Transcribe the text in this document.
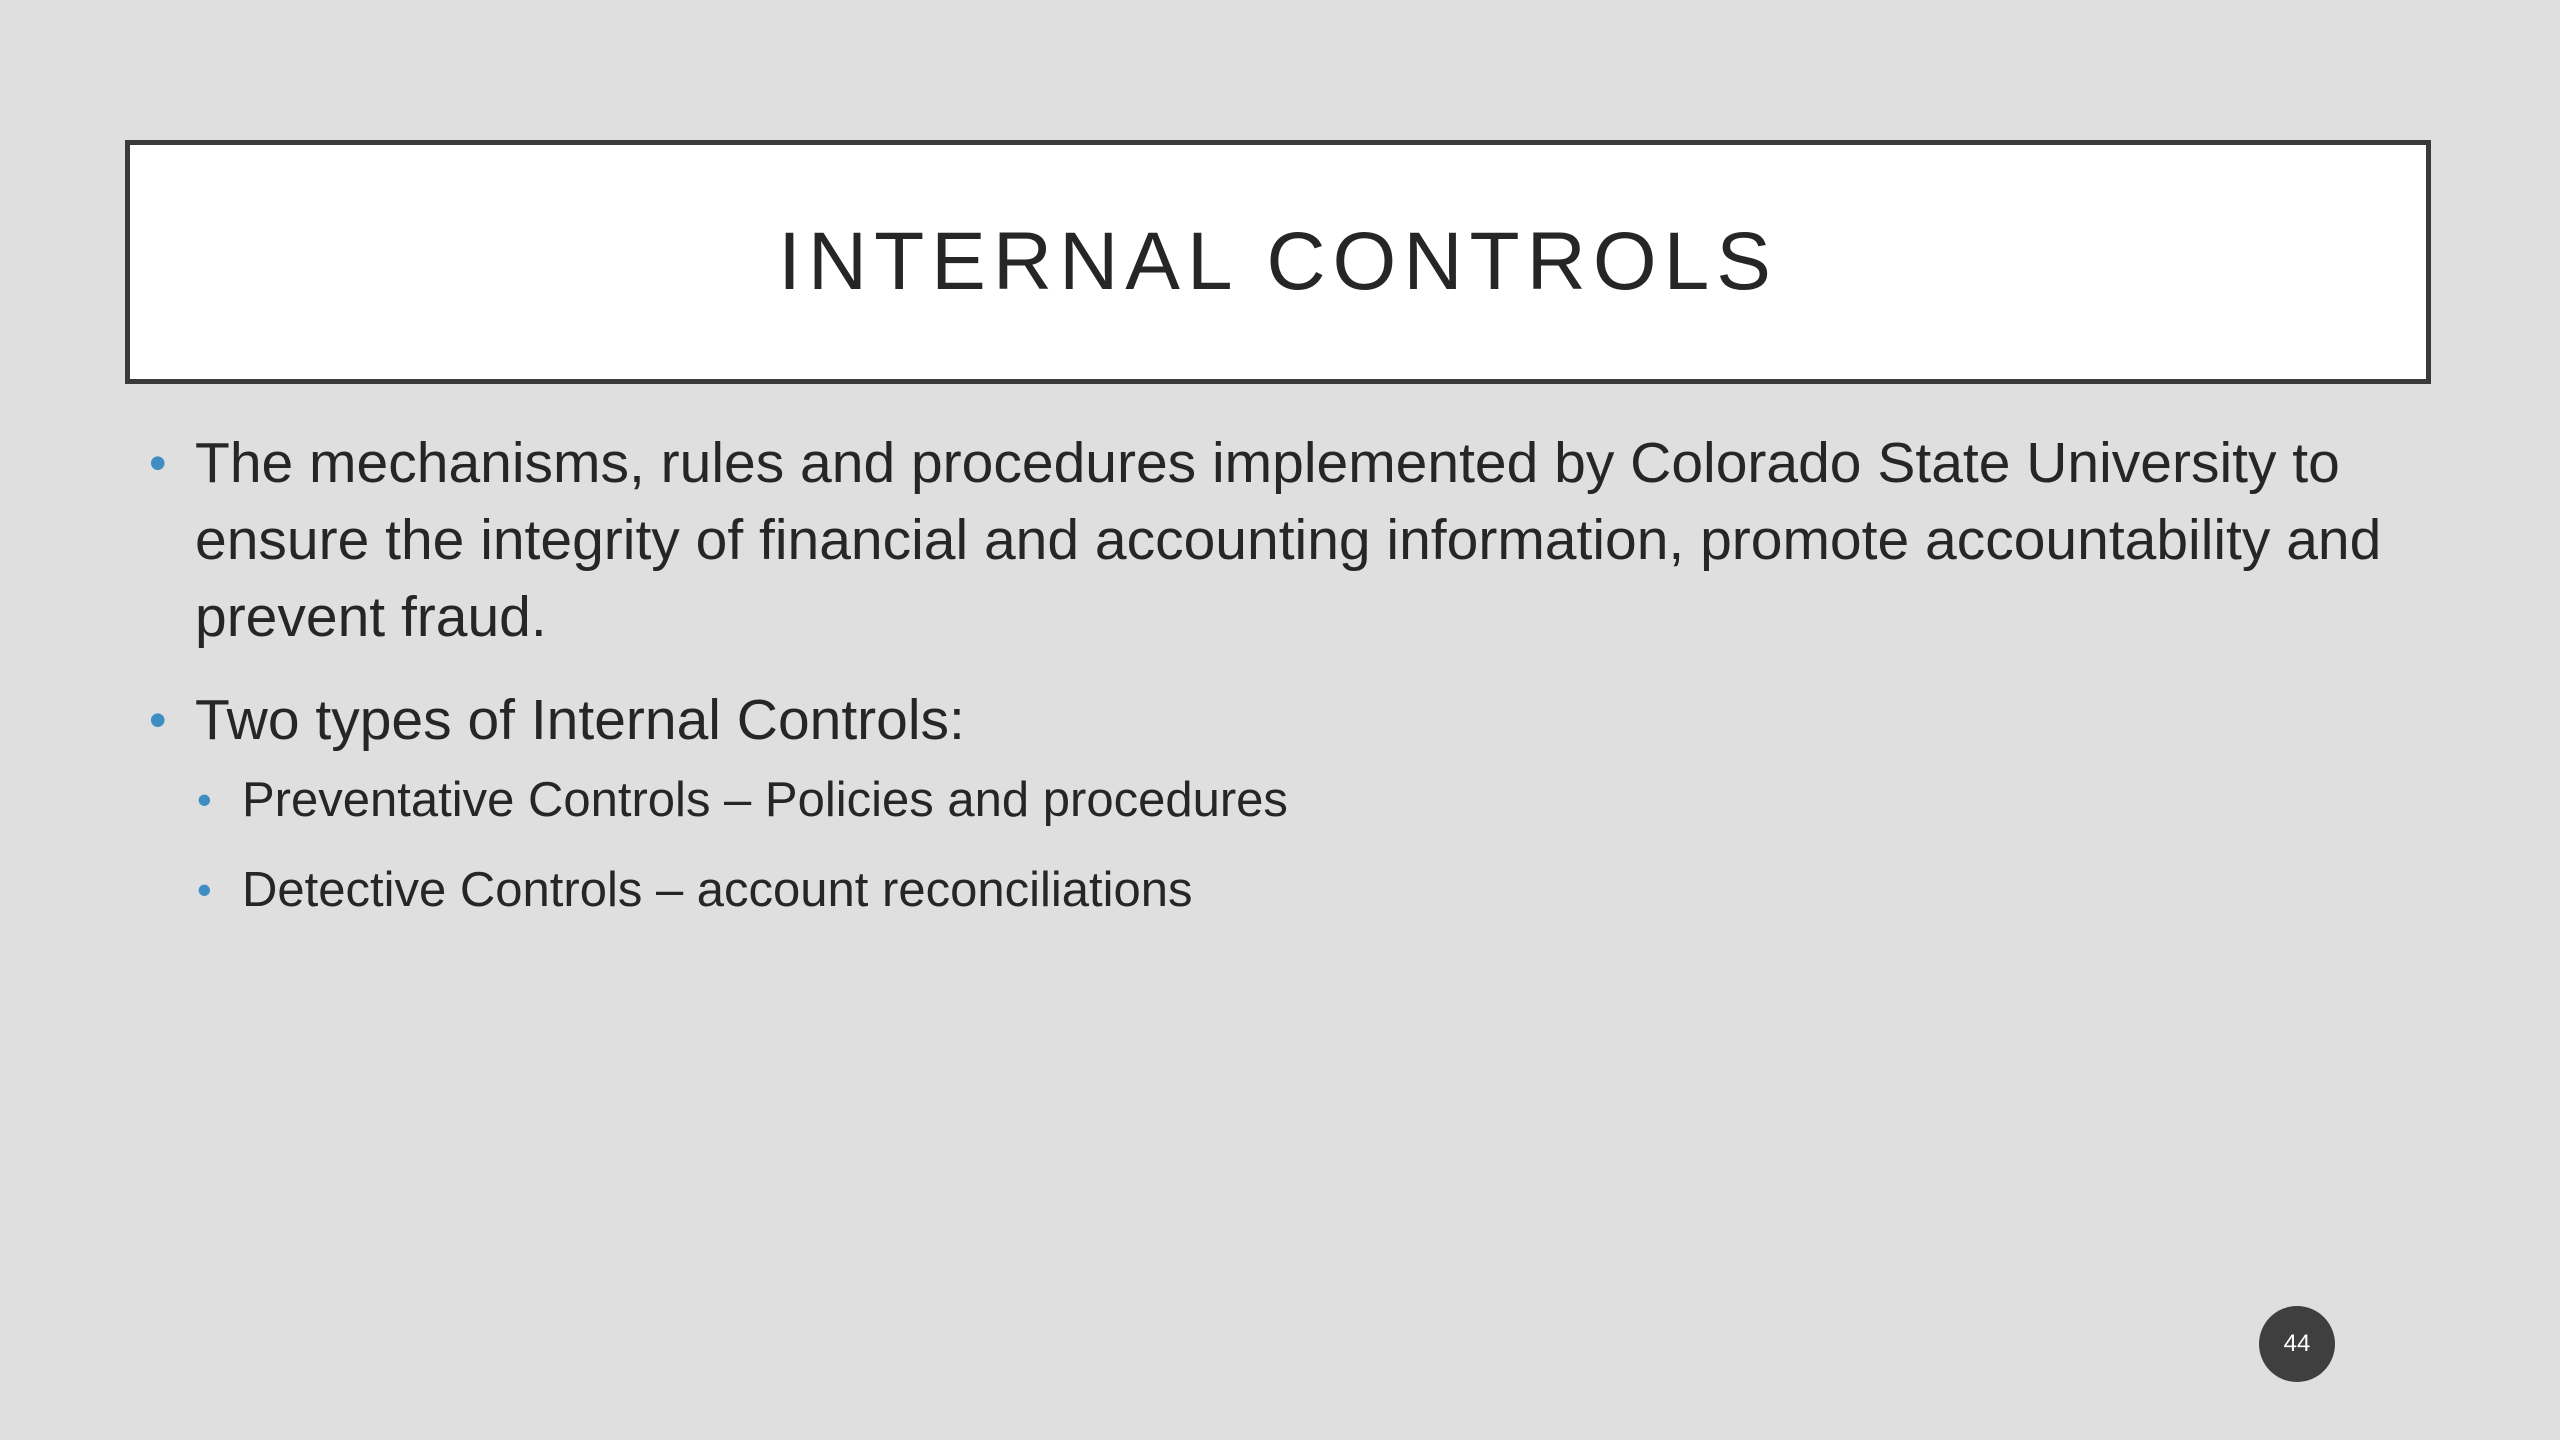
INTERNAL CONTROLS
• The mechanisms, rules and procedures implemented by Colorado State University to ensure the integrity of financial and accounting information, promote accountability and prevent fraud.
• Two types of Internal Controls:
• Preventative Controls – Policies and procedures
• Detective Controls – account reconciliations
44
